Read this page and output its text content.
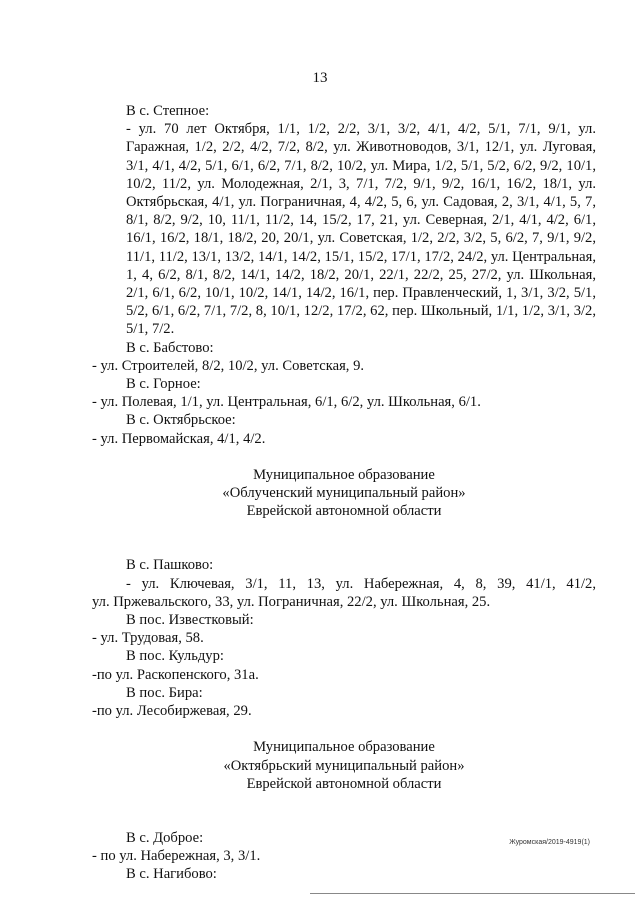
13
В с. Степное:
- ул. 70 лет Октября, 1/1, 1/2, 2/2, 3/1, 3/2, 4/1, 4/2, 5/1, 7/1, 9/1, ул. Гаражная, 1/2, 2/2, 4/2, 7/2, 8/2, ул. Животноводов, 3/1, 12/1, ул. Луговая, 3/1, 4/1, 4/2, 5/1, 6/1, 6/2, 7/1, 8/2, 10/2, ул. Мира, 1/2, 5/1, 5/2, 6/2, 9/2, 10/1, 10/2, 11/2, ул. Молодежная, 2/1, 3, 7/1, 7/2, 9/1, 9/2, 16/1, 16/2, 18/1, ул. Октябрьская, 4/1, ул. Пограничная, 4, 4/2, 5, 6, ул. Садовая, 2, 3/1, 4/1, 5, 7, 8/1, 8/2, 9/2, 10, 11/1, 11/2, 14, 15/2, 17, 21, ул. Северная, 2/1, 4/1, 4/2, 6/1, 16/1, 16/2, 18/1, 18/2, 20, 20/1, ул. Советская, 1/2, 2/2, 3/2, 5, 6/2, 7, 9/1, 9/2, 11/1, 11/2, 13/1, 13/2, 14/1, 14/2, 15/1, 15/2, 17/1, 17/2, 24/2, ул. Центральная, 1, 4, 6/2, 8/1, 8/2, 14/1, 14/2, 18/2, 20/1, 22/1, 22/2, 25, 27/2, ул. Школьная, 2/1, 6/1, 6/2, 10/1, 10/2, 14/1, 14/2, 16/1, пер. Правленческий, 1, 3/1, 3/2, 5/1, 5/2, 6/1, 6/2, 7/1, 7/2, 8, 10/1, 12/2, 17/2, 62, пер. Школьный, 1/1, 1/2, 3/1, 3/2, 5/1, 7/2.
В с. Бабстово:
- ул. Строителей, 8/2, 10/2, ул. Советская, 9.
В с. Горное:
- ул. Полевая, 1/1, ул. Центральная, 6/1, 6/2, ул. Школьная, 6/1.
В с. Октябрьское:
- ул. Первомайская, 4/1, 4/2.
Муниципальное образование
«Облученский муниципальный район»
Еврейской автономной области
В с. Пашково:
- ул. Ключевая, 3/1, 11, 13, ул. Набережная, 4, 8, 39, 41/1, 41/2,
ул. Пржевальского, 33, ул. Пограничная, 22/2, ул. Школьная, 25.
В пос. Известковый:
- ул. Трудовая, 58.
В пос. Кульдур:
-по ул. Раскопенского, 31а.
В пос. Бира:
-по ул. Лесобиржевая, 29.
Муниципальное образование
«Октябрьский муниципальный район»
Еврейской автономной области
В с. Доброе:
- по ул. Набережная, 3, 3/1.
В с. Нагибово:
Журомская/2019-4919(1)
